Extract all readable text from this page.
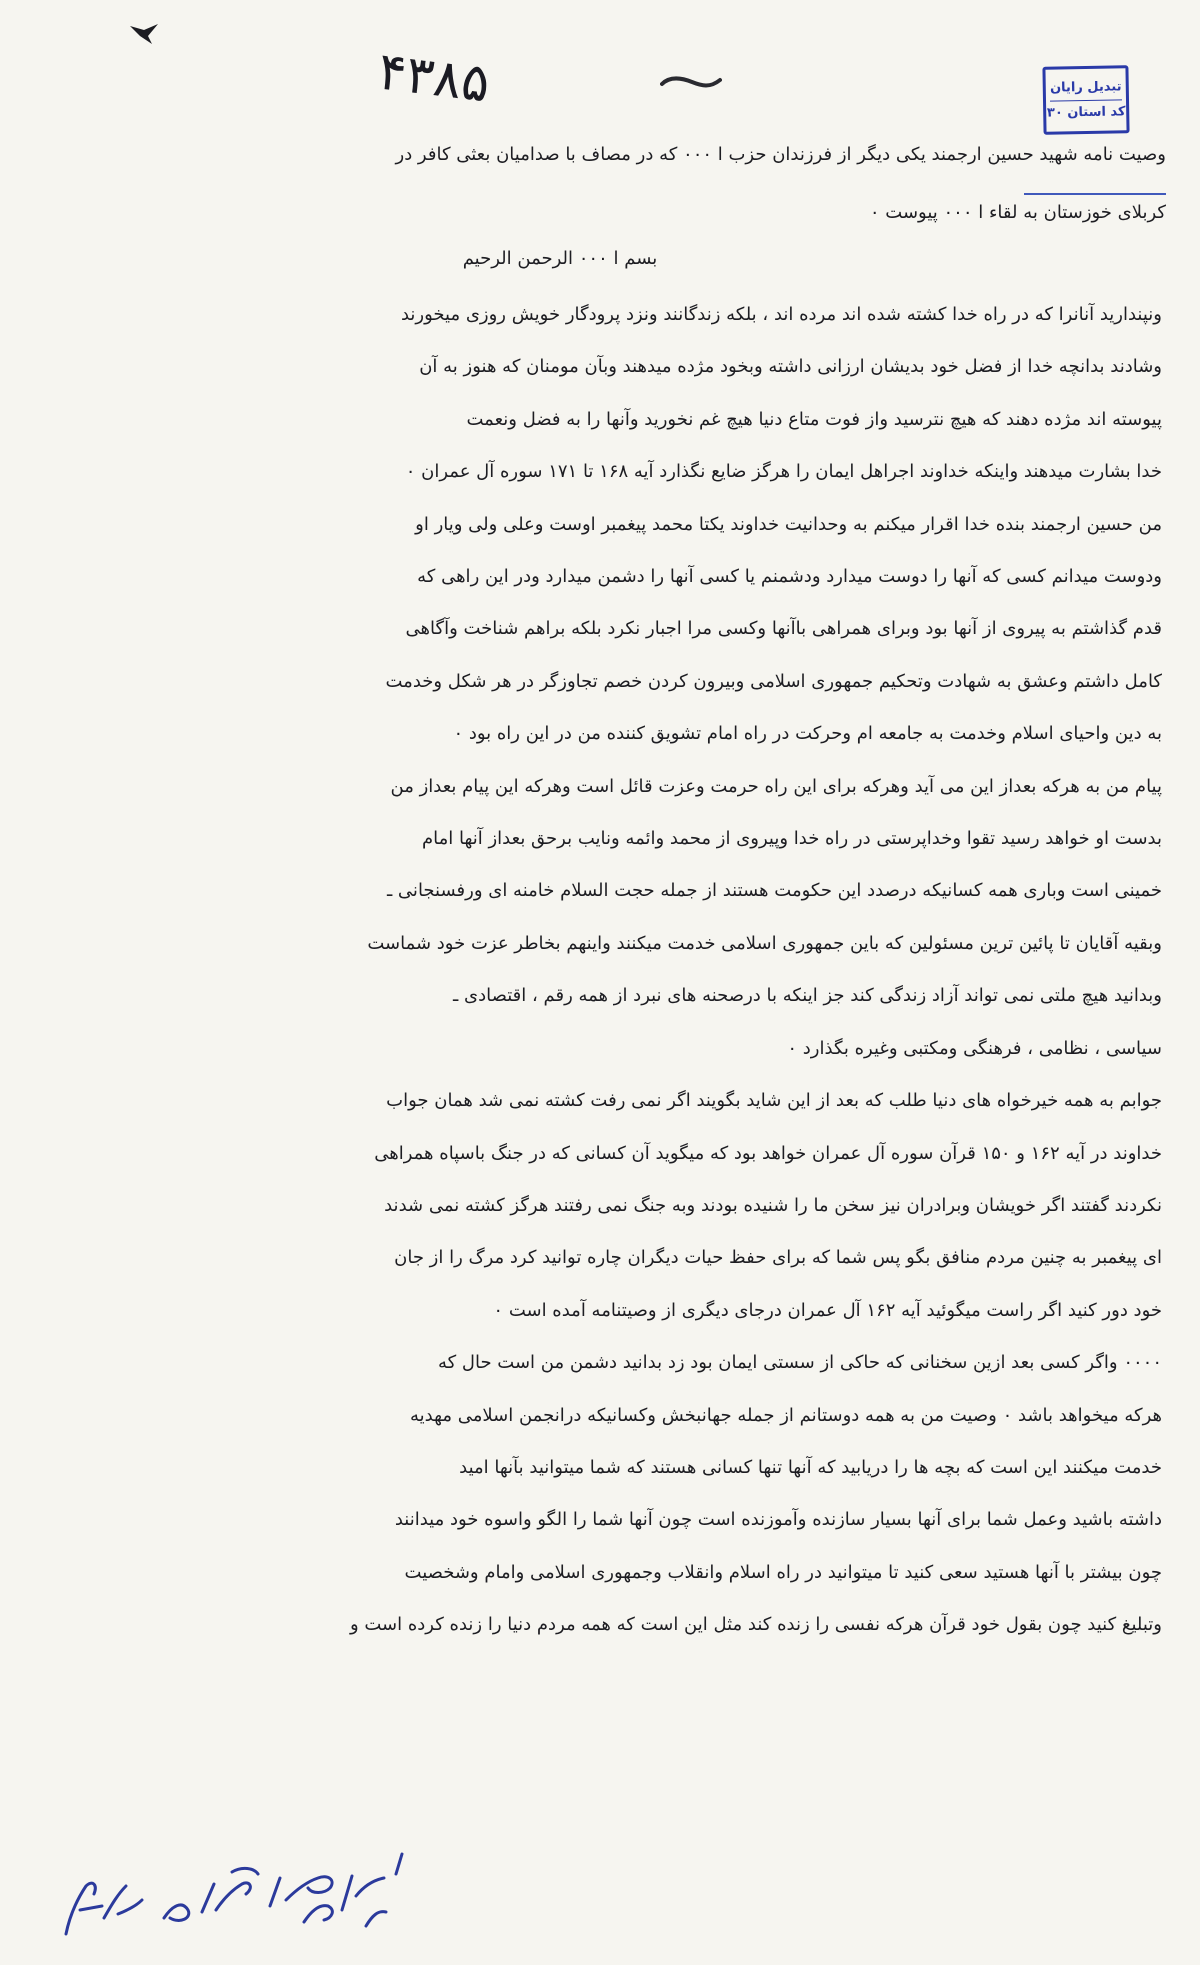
۴۳۸۵	تبدیل رایان
کد استان ۳۰
وصیت نامه شهید حسین ارجمند یکی دیگر از فرزندان حزب ا ۰۰۰ که در مصاف با صدامیان بعثی کافر در
کربلای خوزستان به لقاء ا ۰۰۰ پیوست ۰
بسم ا ۰۰۰ الرحمن الرحیم
ونپندارید آنانرا که در راه خدا کشته شده اند مرده اند ، بلکه زندگانند ونزد پرودگار خویش روزی میخورند
وشادند بدانچه خدا از فضل خود بدیشان ارزانی داشته وبخود مژده میدهند وبآن مومنان که هنوز به آن
پیوسته اند مژده دهند که هیچ نترسید واز فوت متاع دنیا هیچ غم نخورید وآنها را به فضل ونعمت
خدا بشارت میدهند واینکه خداوند اجراهل ایمان را هرگز ضایع نگذارد آیه ۱۶۸ تا ۱۷۱ سوره آل عمران ۰
من حسین ارجمند بنده خدا اقرار میکنم به وحدانیت خداوند یکتا محمد پیغمبر اوست وعلی ولی ویار او
ودوست میدانم کسی که آنها را دوست میدارد ودشمنم یا کسی آنها را دشمن میدارد ودر این راهی که
قدم گذاشتم به پیروی از آنها بود وبرای همراهی باآنها وکسی مرا اجبار نکرد بلکه براهم شناخت وآگاهی
کامل داشتم وعشق به شهادت وتحکیم جمهوری اسلامی وبیرون کردن خصم تجاوزگر در هر شکل وخدمت
به دین واحیای اسلام وخدمت به جامعه ام وحرکت در راه امام تشویق کننده من در این راه بود ۰
پیام من به هرکه بعداز این می آید وهرکه برای این راه حرمت وعزت قائل است وهرکه این پیام بعداز من
بدست او خواهد رسید تقوا وخداپرستی در راه خدا وپیروی از محمد وائمه ونایب برحق بعداز آنها امام
خمینی است وباری همه کسانیکه درصدد این حکومت هستند از جمله حجت السلام خامنه ای ورفسنجانی ـ
وبقیه آقایان تا پائین ترین مسئولین که باین جمهوری اسلامی خدمت میکنند واینهم بخاطر عزت خود شماست
وبدانید هیچ ملتی نمی تواند آزاد زندگی کند جز اینکه با درصحنه های نبرد از همه رقم ، اقتصادی ـ
سیاسی ، نظامی ، فرهنگی ومکتبی وغیره بگذارد ۰
جوابم به همه خیرخواه های دنیا طلب که بعد از این شاید بگویند اگر نمی رفت کشته نمی شد همان جواب
خداوند در آیه ۱۶۲ و ۱۵۰ قرآن سوره آل عمران خواهد بود که میگوید آن کسانی که در جنگ باسپاه همراهی
نکردند گفتند اگر خویشان وبرادران نیز سخن ما را شنیده بودند وبه جنگ نمی رفتند هرگز کشته نمی شدند
ای پیغمبر به چنین مردم منافق بگو پس شما که برای حفظ حیات دیگران چاره توانید کرد مرگ را از جان
خود دور کنید اگر راست میگوئید آیه ۱۶۲ آل عمران درجای دیگری از وصیتنامه آمده است ۰
۰۰۰۰ واگر کسی بعد ازین سخنانی که حاکی از سستی ایمان بود زد بدانید دشمن من است حال که
هرکه میخواهد باشد ۰ وصیت من به همه دوستانم از جمله جهانبخش وکسانیکه درانجمن اسلامی مهدیه
خدمت میکنند این است که بچه ها را دریابید که آنها تنها کسانی هستند که شما میتوانید بآنها امید
داشته باشید وعمل شما برای آنها بسیار سازنده وآموزنده است چون آنها شما را الگو واسوه خود میدانند
چون بیشتر با آنها هستید سعی کنید تا میتوانید در راه اسلام وانقلاب وجمهوری اسلامی وامام وشخصیت
وتبلیغ کنید چون بقول خود قرآن هرکه نفسی را زنده کند مثل این است که همه مردم دنیا را زنده کرده است و
